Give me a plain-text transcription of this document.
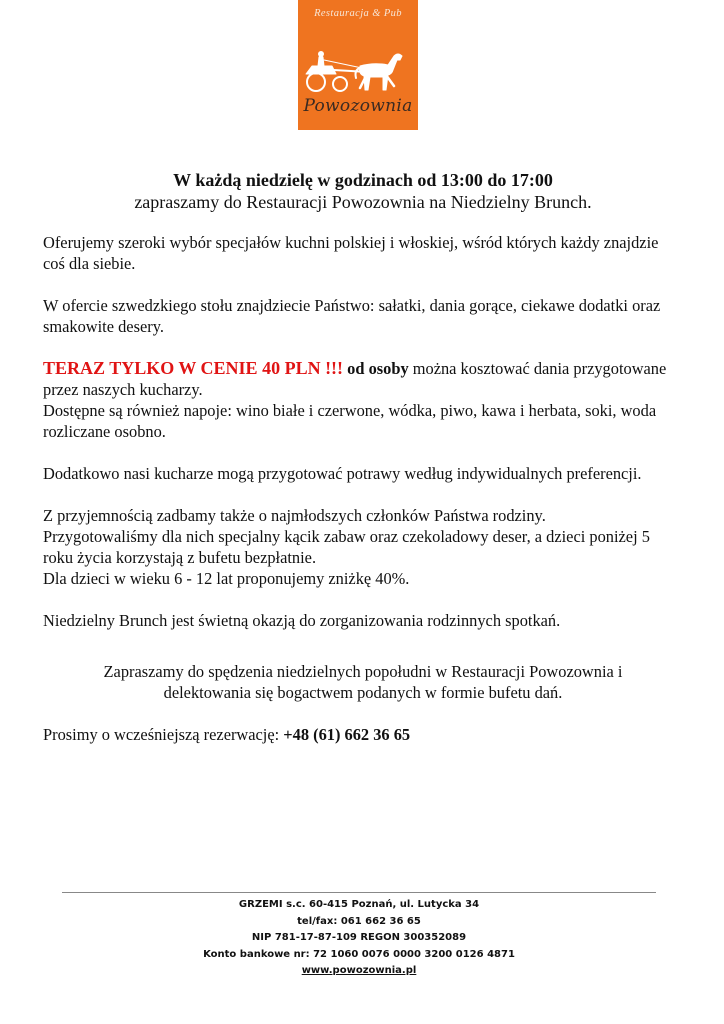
Restauracja & Pub
Powozownia

W każdą niedzielę w godzinach od 13:00 do 17:00

zapraszamy do Restauracji Powozownia na Niedzielny Brunch.

Oferujemy szeroki wybór specjałów kuchni polskiej i włoskiej, wśród których każdy znajdzie coś dla siebie.

W ofercie szwedzkiego stołu znajdziecie Państwo: sałatki, dania gorące, ciekawe dodatki oraz smakowite desery.

TERAZ TYLKO W CENIE 40 PLN !!! od osoby można kosztować dania przygotowane przez naszych kucharzy.
Dostępne są również napoje: wino białe i czerwone, wódka, piwo, kawa i herbata, soki, woda rozliczane osobno.

Dodatkowo nasi kucharze mogą przygotować potrawy według indywidualnych preferencji.

Z przyjemnością zadbamy także o najmłodszych członków Państwa rodziny.
Przygotowaliśmy dla nich specjalny kącik zabaw oraz czekoladowy deser, a dzieci poniżej 5 roku życia korzystają z bufetu bezpłatnie.
Dla dzieci w wieku 6 - 12 lat proponujemy zniżkę 40%.

Niedzielny Brunch jest świetną okazją do zorganizowania rodzinnych spotkań.

Zapraszamy do spędzenia niedzielnych popołudni w Restauracji Powozownia i delektowania się bogactwem podanych w formie bufetu dań.

Prosimy o wcześniejszą rezerwację: +48 (61) 662 36 65

GRZEMI s.c. 60-415 Poznań, ul. Lutycka 34
tel/fax: 061 662 36 65
NIP 781-17-87-109 REGON 300352089
Konto bankowe nr: 72 1060 0076 0000 3200 0126 4871
www.powozownia.pl
